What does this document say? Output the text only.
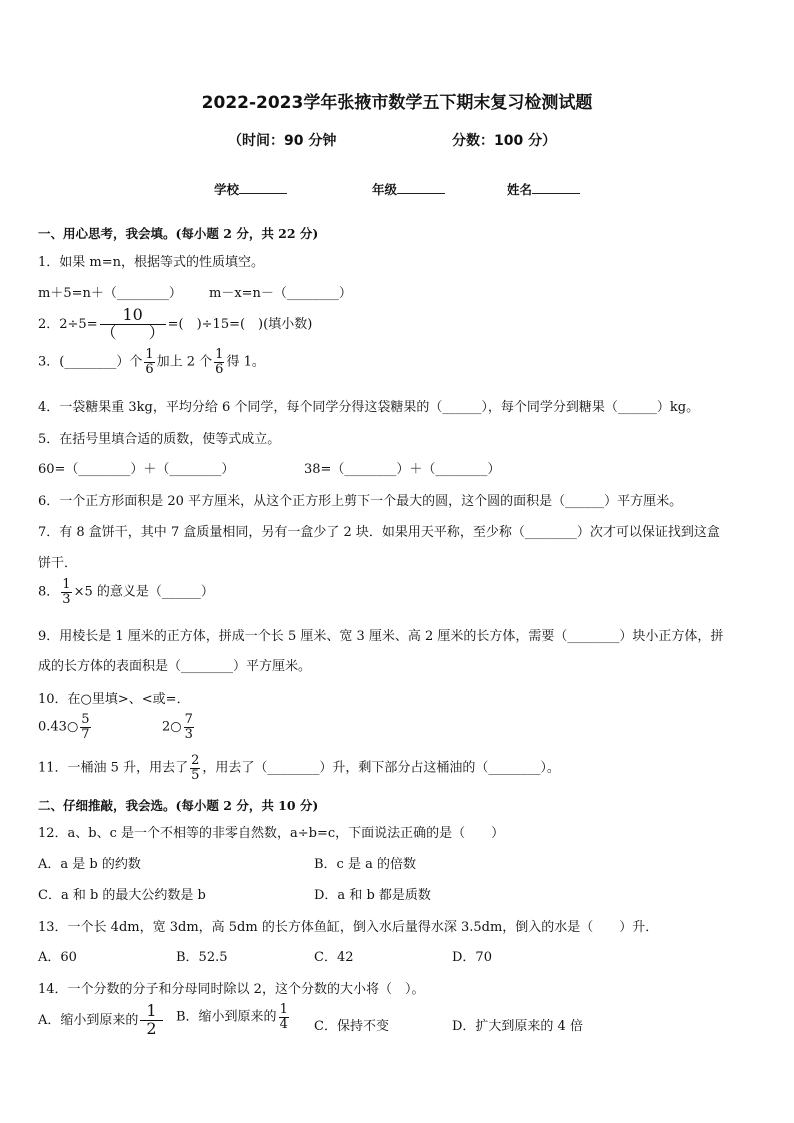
2022-2023学年张掖市数学五下期末复习检测试题
（时间：90 分钟	分数：100 分）
学校	年级	姓名
一、用心思考，我会填。(每小题 2 分，共 22 分)
1．如果 m=n，根据等式的性质填空。
m＋5=n＋（________） m－x=n－（________）
2．$2\div 5= \frac{10}{( )}$ =(　)÷15=(　)(填小数)
3．(________）个 $\frac{1}{6}$ 加上 2 个 $\frac{1}{6}$ 得 1。
4．一袋糖果重 3kg，平均分给 6 个同学，每个同学分得这袋糖果的（______），每个同学分到糖果（______）kg。
5．在括号里填合适的质数，使等式成立。
60=（________）＋（________）	38=（________）＋（________）
6．一个正方形面积是 20 平方厘米，从这个正方形上剪下一个最大的圆，这个圆的面积是（______）平方厘米。
7．有 8 盒饼干，其中 7 盒质量相同，另有一盒少了 2 块．如果用天平称，至少称（________）次才可以保证找到这盒
饼干．
8． $\frac{1}{3} \times 5$ 的意义是（______）
9．用棱长是 1 厘米的正方体，拼成一个长 5 厘米、宽 3 厘米、高 2 厘米的长方体，需要（________）块小正方体，拼
成的长方体的表面积是（________）平方厘米。
10．在○里填>、<或=．
0.43○ $\frac{5}{7}$	2○ $\frac{7}{3}$
11．一桶油 5 升，用去了 $\frac{2}{5}$ ，用去了（________）升，剩下部分占这桶油的（________）。
二、仔细推敲，我会选。(每小题 2 分，共 10 分)
12．a、b、c 是一个不相等的非零自然数，a÷b=c，下面说法正确的是（　　）
A．a 是 b 的约数	B．c 是 a 的倍数
C．a 和 b 的最大公约数是 b	D．a 和 b 都是质数
13．一个长 4dm，宽 3dm，高 5dm 的长方体鱼缸，倒入水后量得水深 3.5dm，倒入的水是（　　）升．
A．60	B．52.5	C．42	D．70
14．一个分数的分子和分母同时除以 2，这个分数的大小将（　）。
A．缩小到原来的 $\frac{1}{2}$ B．缩小到原来的 $\frac{1}{4}$ C．保持不变	D．扩大到原来的 4 倍
